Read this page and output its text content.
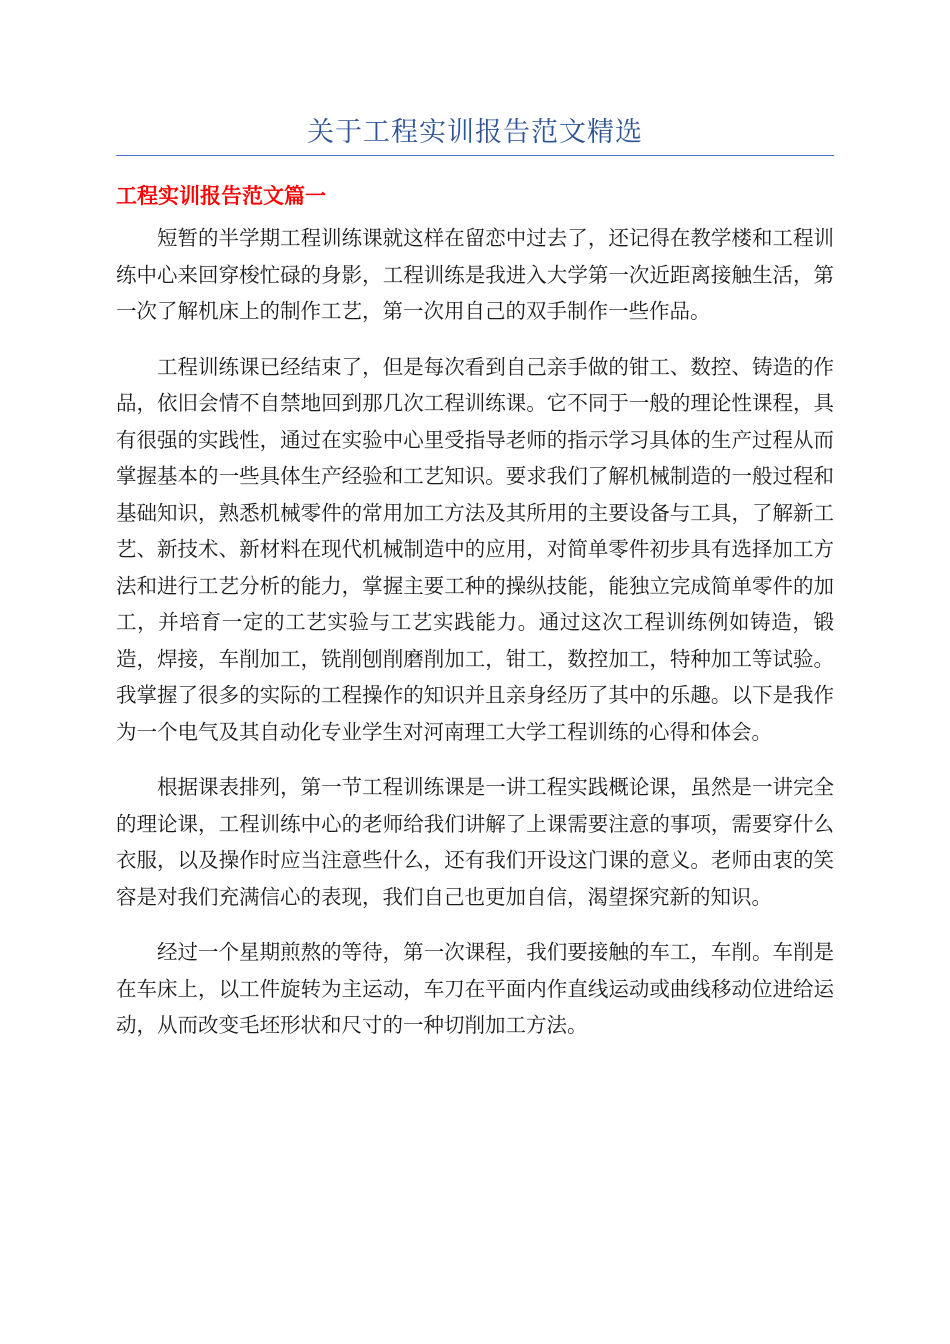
关于工程实训报告范文精选
工程实训报告范文篇一

短暂的半学期工程训练课就这样在留恋中过去了，还记得在教学楼和工程训练中心来回穿梭忙碌的身影，工程训练是我进入大学第一次近距离接触生活，第一次了解机床上的制作工艺，第一次用自己的双手制作一些作品。

工程训练课已经结束了，但是每次看到自己亲手做的钳工、数控、铸造的作品，依旧会情不自禁地回到那几次工程训练课。它不同于一般的理论性课程，具有很强的实践性，通过在实验中心里受指导老师的指示学习具体的生产过程从而掌握基本的一些具体生产经验和工艺知识。要求我们了解机械制造的一般过程和基础知识，熟悉机械零件的常用加工方法及其所用的主要设备与工具，了解新工艺、新技术、新材料在现代机械制造中的应用，对简单零件初步具有选择加工方法和进行工艺分析的能力，掌握主要工种的操纵技能，能独立完成简单零件的加工，并培育一定的工艺实验与工艺实践能力。通过这次工程训练例如铸造，锻造，焊接，车削加工，铣削刨削磨削加工，钳工，数控加工，特种加工等试验。我掌握了很多的实际的工程操作的知识并且亲身经历了其中的乐趣。以下是我作为一个电气及其自动化专业学生对河南理工大学工程训练的心得和体会。

根据课表排列，第一节工程训练课是一讲工程实践概论课，虽然是一讲完全的理论课，工程训练中心的老师给我们讲解了上课需要注意的事项，需要穿什么衣服，以及操作时应当注意些什么，还有我们开设这门课的意义。老师由衷的笑容是对我们充满信心的表现，我们自己也更加自信，渴望探究新的知识。

经过一个星期煎熬的等待，第一次课程，我们要接触的车工，车削。车削是在车床上，以工件旋转为主运动，车刀在平面内作直线运动或曲线移动位进给运动，从而改变毛坯形状和尺寸的一种切削加工方法。
